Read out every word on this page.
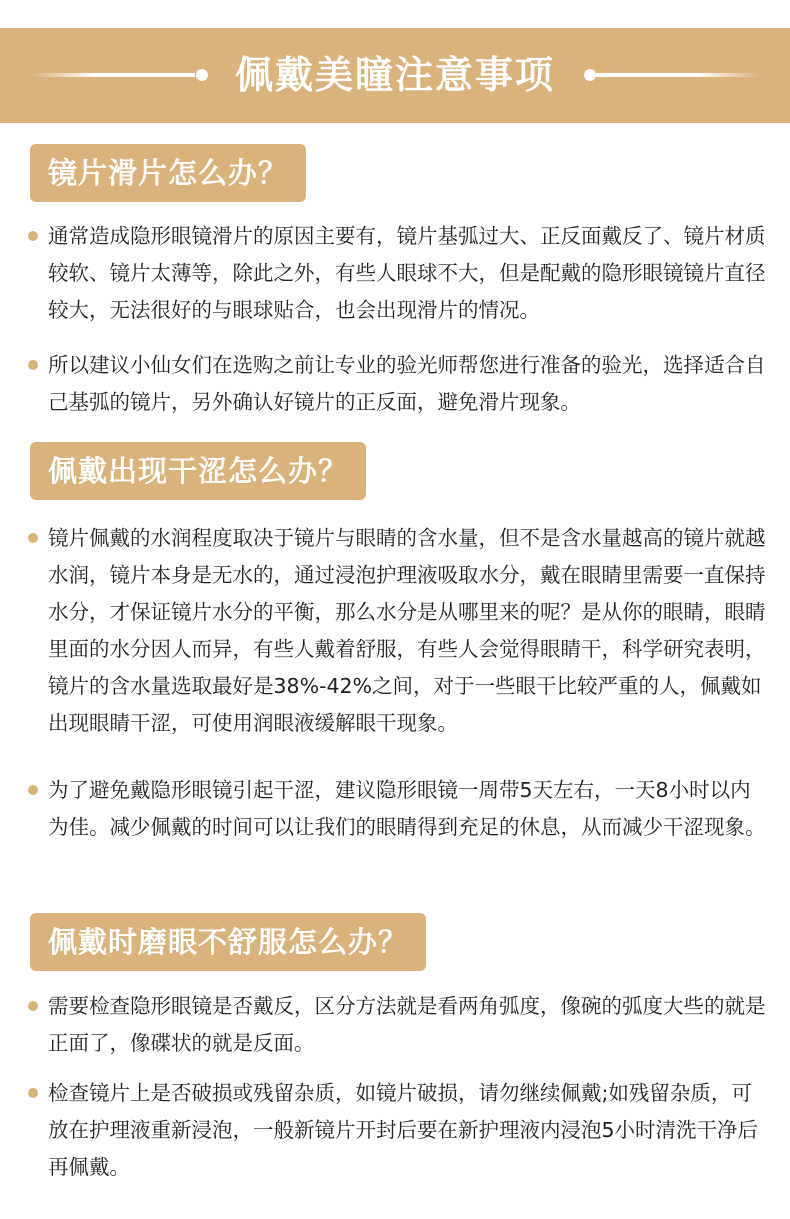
佩戴美瞳注意事项
镜片滑片怎么办？
通常造成隐形眼镜滑片的原因主要有，镜片基弧过大、正反面戴反了、镜片材质较软、镜片太薄等，除此之外，有些人眼球不大，但是配戴的隐形眼镜镜片直径较大，无法很好的与眼球贴合，也会出现滑片的情况。
所以建议小仙女们在选购之前让专业的验光师帮您进行准备的验光，选择适合自己基弧的镜片，另外确认好镜片的正反面，避免滑片现象。
佩戴出现干涩怎么办？
镜片佩戴的水润程度取决于镜片与眼睛的含水量，但不是含水量越高的镜片就越水润，镜片本身是无水的，通过浸泡护理液吸取水分，戴在眼睛里需要一直保持水分，才保证镜片水分的平衡，那么水分是从哪里来的呢？是从你的眼睛，眼睛里面的水分因人而异，有些人戴着舒服，有些人会觉得眼睛干，科学研究表明，镜片的含水量选取最好是38%-42%之间，对于一些眼干比较严重的人，佩戴如出现眼睛干涩，可使用润眼液缓解眼干现象。
为了避免戴隐形眼镜引起干涩，建议隐形眼镜一周带5天左右，一天8小时以内为佳。减少佩戴的时间可以让我们的眼睛得到充足的休息，从而减少干涩现象。
佩戴时磨眼不舒服怎么办？
需要检查隐形眼镜是否戴反，区分方法就是看两角弧度，像碗的弧度大些的就是正面了，像碟状的就是反面。
检查镜片上是否破损或残留杂质，如镜片破损，请勿继续佩戴;如残留杂质，可放在护理液重新浸泡，一般新镜片开封后要在新护理液内浸泡5小时清洗干净后再佩戴。
